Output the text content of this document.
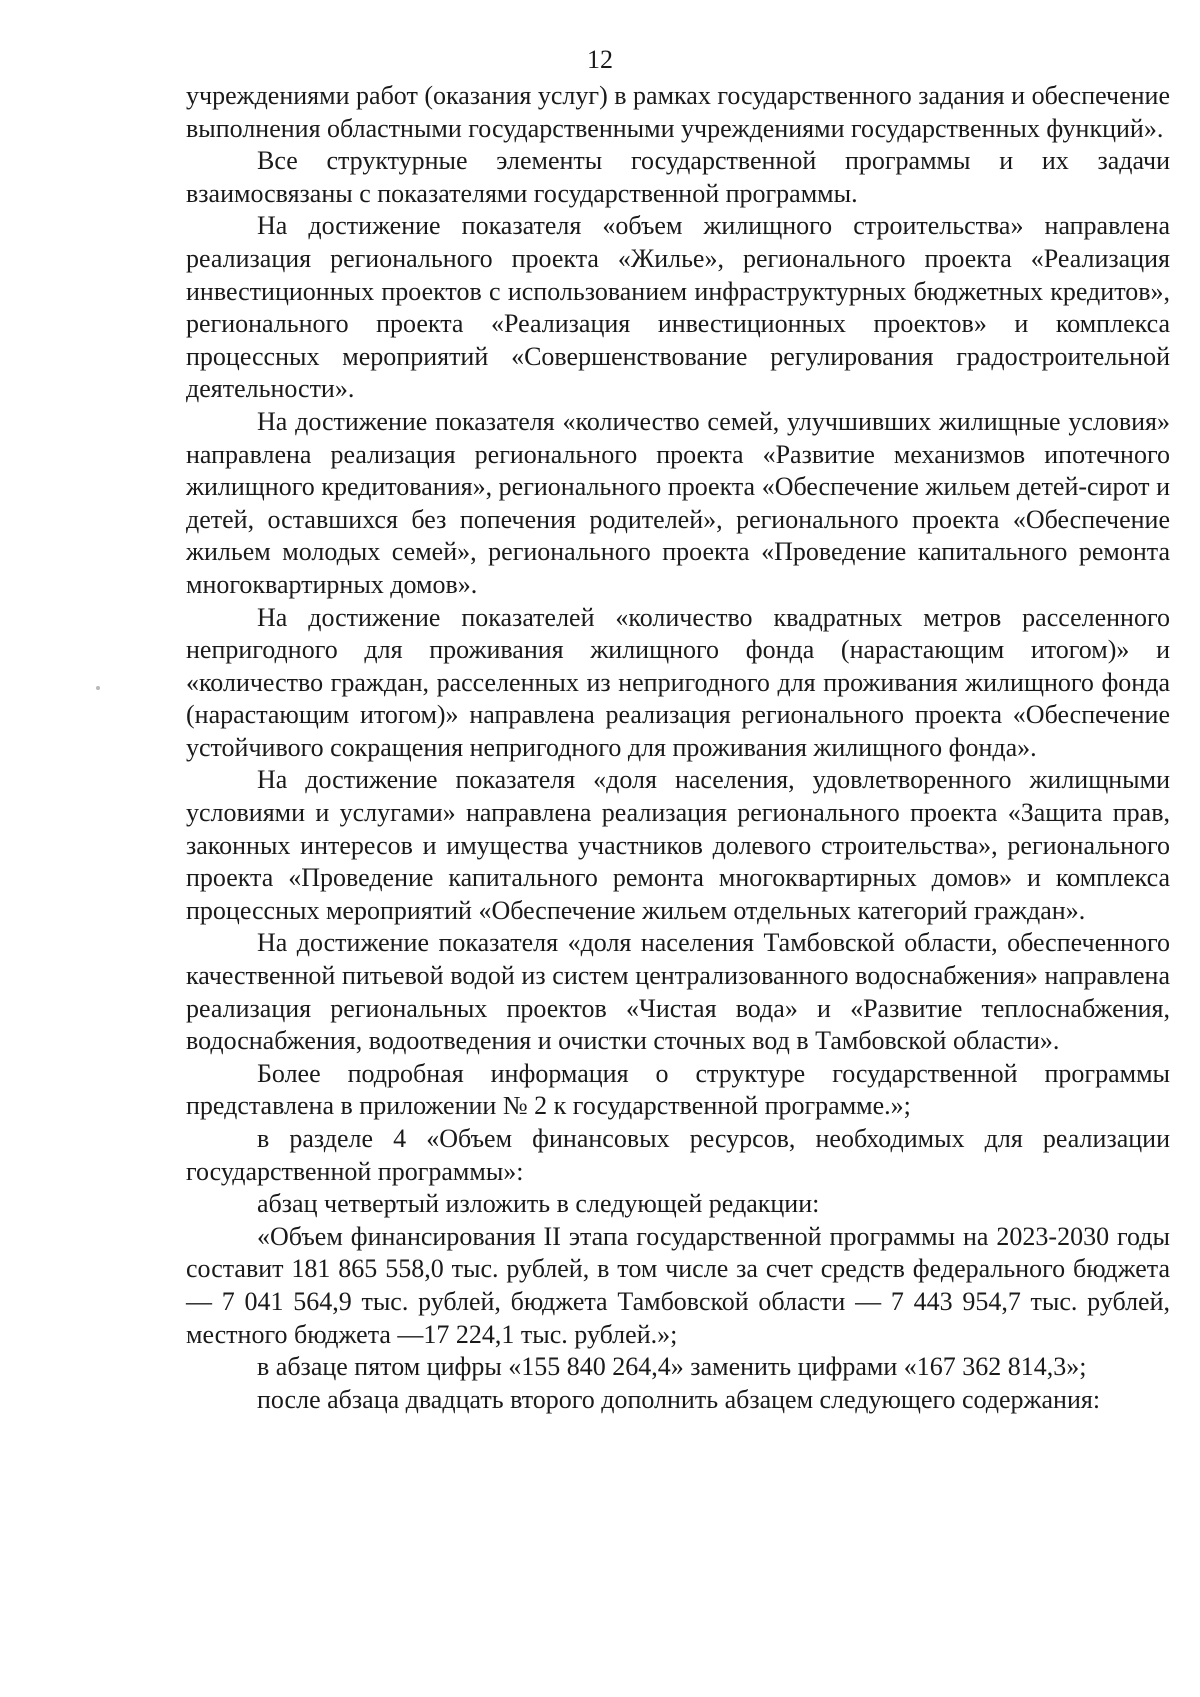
12

учреждениями работ (оказания услуг) в рамках государственного задания и обеспечение выполнения областными государственными учреждениями государственных функций».

Все структурные элементы государственной программы и их задачи взаимосвязаны с показателями государственной программы.

На достижение показателя «объем жилищного строительства» направлена реализация регионального проекта «Жилье», регионального проекта «Реализация инвестиционных проектов с использованием инфраструктурных бюджетных кредитов», регионального проекта «Реализация инвестиционных проектов» и комплекса процессных мероприятий «Совершенствование регулирования градостроительной деятельности».

На достижение показателя «количество семей, улучшивших жилищные условия» направлена реализация регионального проекта «Развитие механизмов ипотечного жилищного кредитования», регионального проекта «Обеспечение жильем детей-сирот и детей, оставшихся без попечения родителей», регионального проекта «Обеспечение жильем молодых семей», регионального проекта «Проведение капитального ремонта многоквартирных домов».

На достижение показателей «количество квадратных метров расселенного непригодного для проживания жилищного фонда (нарастающим итогом)» и «количество граждан, расселенных из непригодного для проживания жилищного фонда (нарастающим итогом)» направлена реализация регионального проекта «Обеспечение устойчивого сокращения непригодного для проживания жилищного фонда».

На достижение показателя «доля населения, удовлетворенного жилищными условиями и услугами» направлена реализация регионального проекта «Защита прав, законных интересов и имущества участников долевого строительства», регионального проекта «Проведение капитального ремонта многоквартирных домов» и комплекса процессных мероприятий «Обеспечение жильем отдельных категорий граждан».

На достижение показателя «доля населения Тамбовской области, обеспеченного качественной питьевой водой из систем централизованного водоснабжения» направлена реализация региональных проектов «Чистая вода» и «Развитие теплоснабжения, водоснабжения, водоотведения и очистки сточных вод в Тамбовской области».

Более подробная информация о структуре государственной программы представлена в приложении № 2 к государственной программе.»;

в разделе 4 «Объем финансовых ресурсов, необходимых для реализации государственной программы»:

абзац четвертый изложить в следующей редакции:

«Объем финансирования II этапа государственной программы на 2023-2030 годы составит 181 865 558,0 тыс. рублей, в том числе за счет средств федерального бюджета — 7 041 564,9 тыс. рублей, бюджета Тамбовской области — 7 443 954,7 тыс. рублей, местного бюджета —17 224,1 тыс. рублей.»;

в абзаце пятом цифры «155 840 264,4» заменить цифрами «167 362 814,3»;

после абзаца двадцать второго дополнить абзацем следующего содержания:
